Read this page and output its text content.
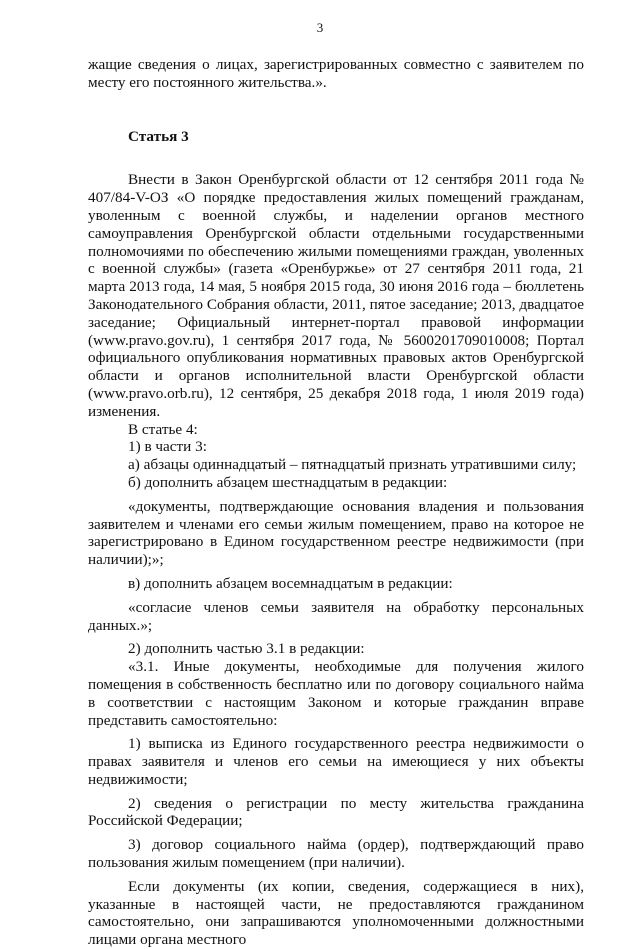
3

жащие сведения о лицах, зарегистрированных совместно с заявителем по месту его постоянного жительства.».

Статья 3

Внести в Закон Оренбургской области от 12 сентября 2011 года № 407/84-V-ОЗ «О порядке предоставления жилых помещений гражданам, уволенным с военной службы, и наделении органов местного самоуправления Оренбургской области отдельными государственными полномочиями по обеспечению жилыми помещениями граждан, уволенных с военной службы» (газета «Оренбуржье» от 27 сентября 2011 года, 21 марта 2013 года, 14 мая, 5 ноября 2015 года, 30 июня 2016 года – бюллетень Законодательного Собрания области, 2011, пятое заседание; 2013, двадцатое заседание; Официальный интернет-портал правовой информации (www.pravo.gov.ru), 1 сентября 2017 года, № 5600201709010008; Портал официального опубликования нормативных правовых актов Оренбургской области и органов исполнительной власти Оренбургской области (www.pravo.orb.ru), 12 сентября, 25 декабря 2018 года, 1 июля 2019 года) изменения.

В статье 4:

1) в части 3:

а) абзацы одиннадцатый – пятнадцатый признать утратившими силу;

б) дополнить абзацем шестнадцатым в редакции:

«документы, подтверждающие основания владения и пользования заявителем и членами его семьи жилым помещением, право на которое не зарегистрировано в Едином государственном реестре недвижимости (при наличии);»;

в) дополнить абзацем восемнадцатым в редакции:

«согласие членов семьи заявителя на обработку персональных данных.»;

2) дополнить частью 3.1 в редакции:

«3.1. Иные документы, необходимые для получения жилого помещения в собственность бесплатно или по договору социального найма в соответствии с настоящим Законом и которые гражданин вправе представить самостоятельно:

1) выписка из Единого государственного реестра недвижимости о правах заявителя и членов его семьи на имеющиеся у них объекты недвижимости;

2) сведения о регистрации по месту жительства гражданина Российской Федерации;

3) договор социального найма (ордер), подтверждающий право пользования жилым помещением (при наличии).

Если документы (их копии, сведения, содержащиеся в них), указанные в настоящей части, не предоставляются гражданином самостоятельно, они запрашиваются уполномоченными должностными лицами органа местного
